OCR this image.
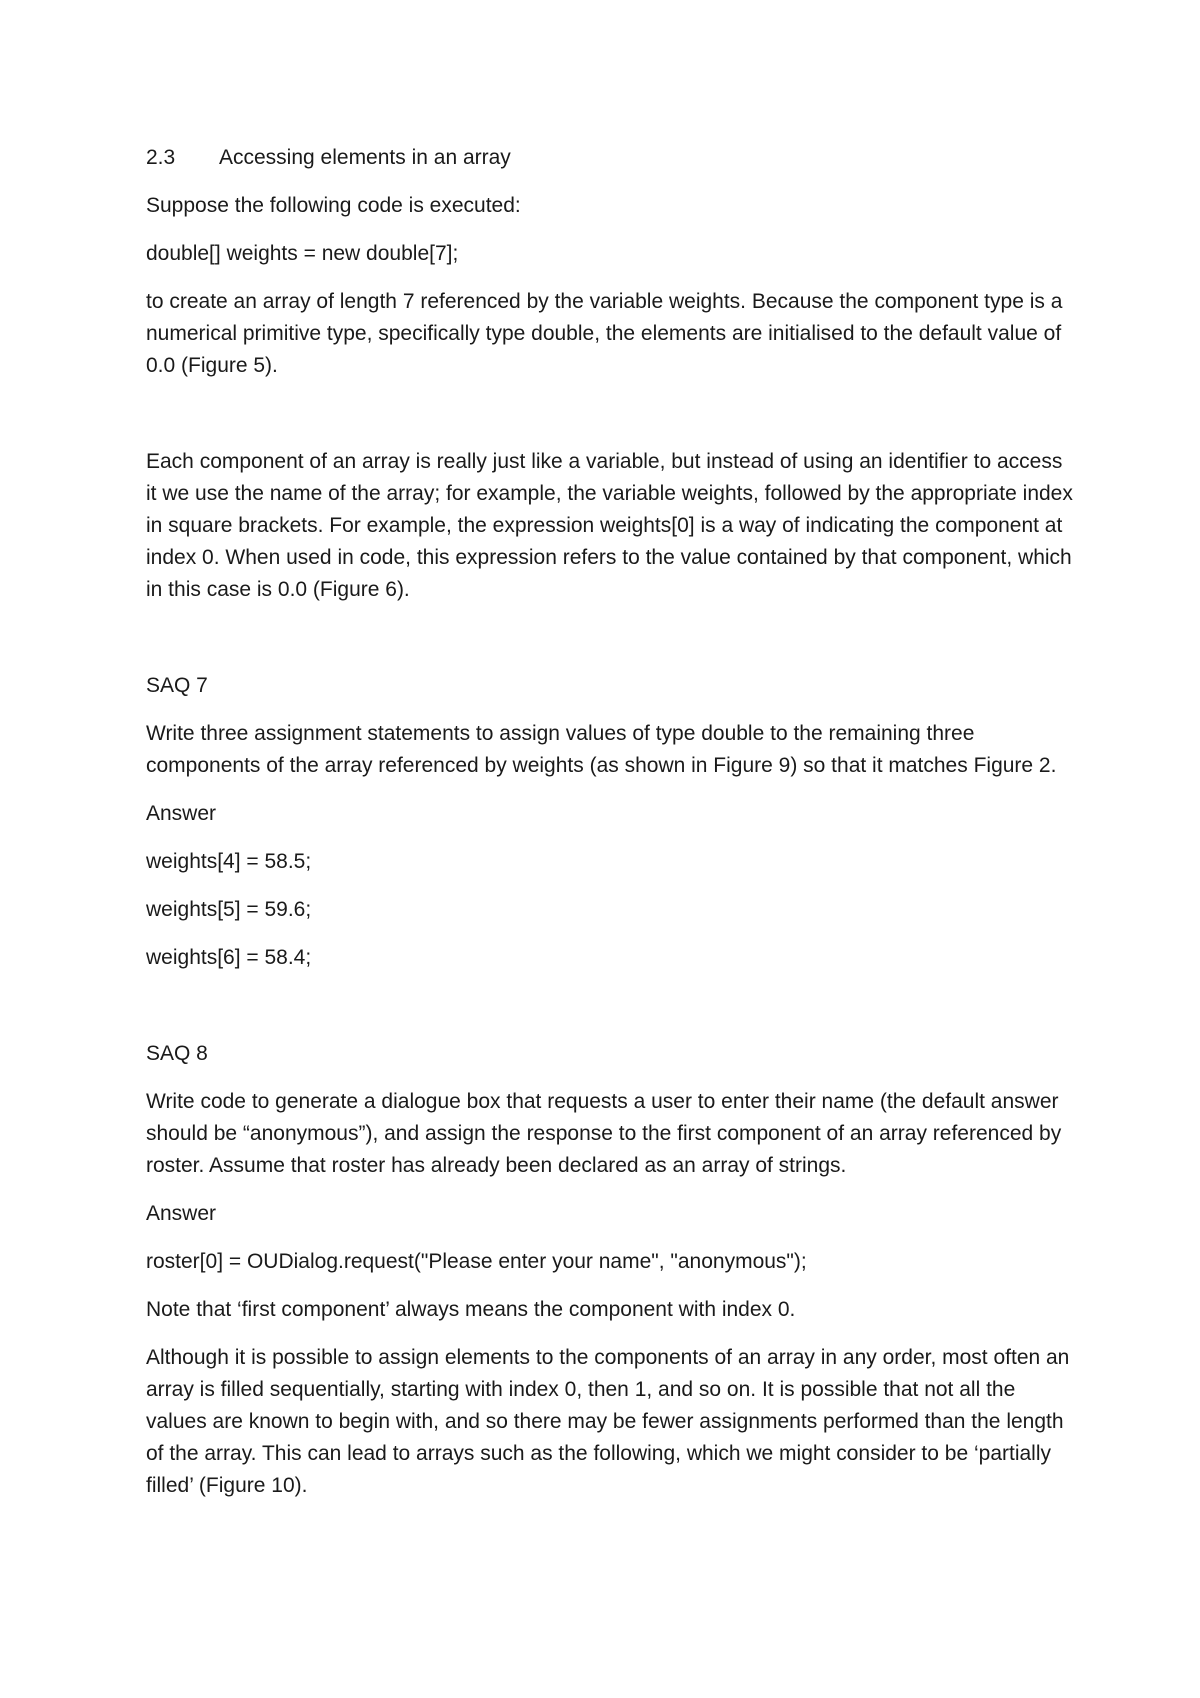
2.3	Accessing elements in an array

Suppose the following code is executed:

double[] weights = new double[7];

to create an array of length 7 referenced by the variable weights. Because the component type is a numerical primitive type, specifically type double, the elements are initialised to the default value of 0.0 (Figure 5).

Each component of an array is really just like a variable, but instead of using an identifier to access it we use the name of the array; for example, the variable weights, followed by the appropriate index in square brackets. For example, the expression weights[0] is a way of indicating the component at index 0. When used in code, this expression refers to the value contained by that component, which in this case is 0.0 (Figure 6).

SAQ 7

Write three assignment statements to assign values of type double to the remaining three components of the array referenced by weights (as shown in Figure 9) so that it matches Figure 2.

Answer

weights[4] = 58.5;

weights[5] = 59.6;

weights[6] = 58.4;

SAQ 8

Write code to generate a dialogue box that requests a user to enter their name (the default answer should be “anonymous”), and assign the response to the first component of an array referenced by roster. Assume that roster has already been declared as an array of strings.

Answer

roster[0] = OUDialog.request("Please enter your name", "anonymous");

Note that ‘first component’ always means the component with index 0.

Although it is possible to assign elements to the components of an array in any order, most often an array is filled sequentially, starting with index 0, then 1, and so on. It is possible that not all the values are known to begin with, and so there may be fewer assignments performed than the length of the array. This can lead to arrays such as the following, which we might consider to be ‘partially filled’ (Figure 10).
